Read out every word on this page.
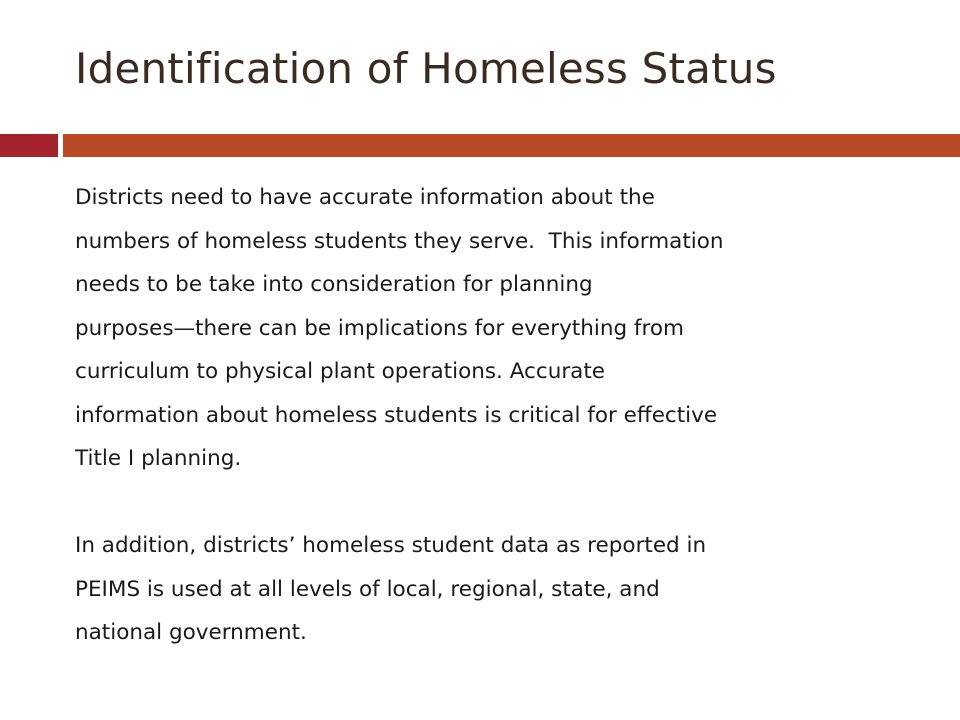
Identification of Homeless Status

Districts need to have accurate information about the
numbers of homeless students they serve.  This information
needs to be take into consideration for planning
purposes—there can be implications for everything from
curriculum to physical plant operations. Accurate
information about homeless students is critical for effective
Title I planning.

In addition, districts’ homeless student data as reported in
PEIMS is used at all levels of local, regional, state, and
national government.
